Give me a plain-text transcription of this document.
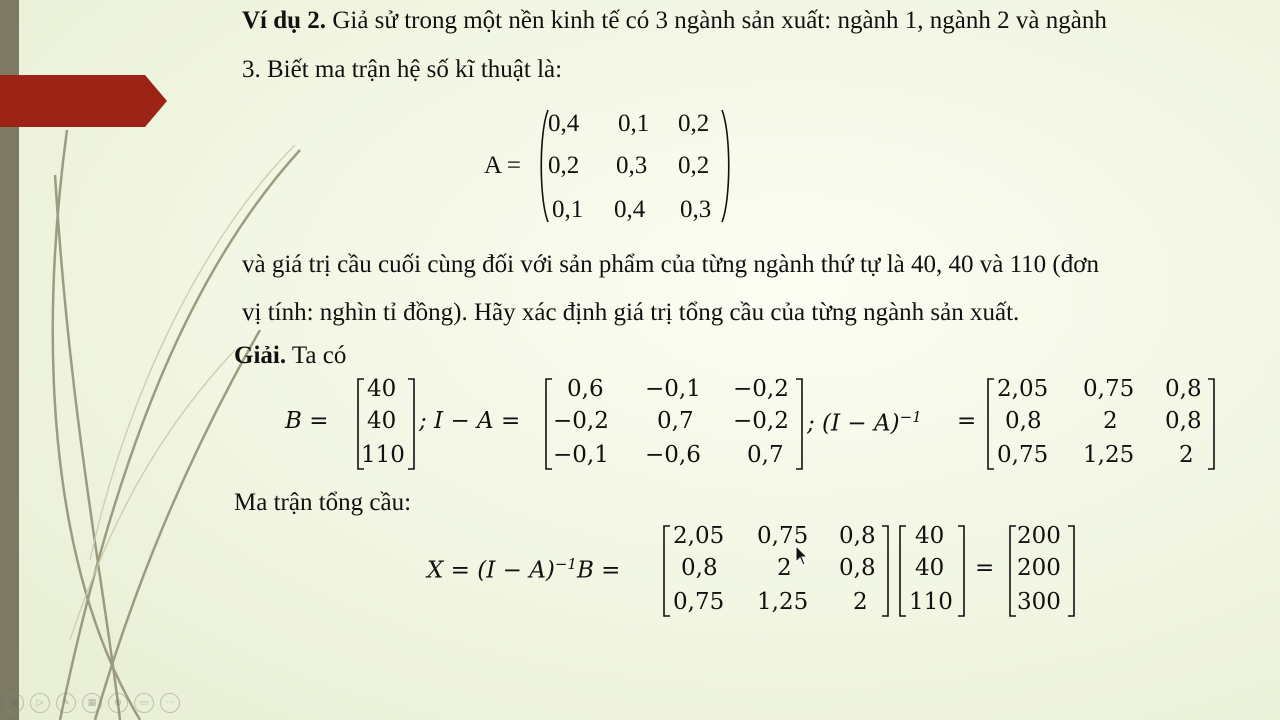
Ví dụ 2. Giả sử trong một nền kinh tế có 3 ngành sản xuất: ngành 1, ngành 2 và ngành
3. Biết ma trận hệ số kĩ thuật là:
A =
0,4 0,1 0,2
0,2 0,3 0,2
0,1 0,4 0,3
và giá trị cầu cuối cùng đối với sản phẩm của từng ngành thứ tự là 40, 40 và 110 (đơn
vị tính: nghìn tỉ đồng). Hãy xác định giá trị tổng cầu của từng ngành sản xuất.
Giải. Ta có
B =
40
40
110
; I − A =
0,6 −0,1 −0,2
−0,2 0,7 −0,2
−0,1 −0,6 0,7
; $(I - A)^{-1}$ =
2,05 0,75 0,8
0,8	2 0,8
0,75 1,25 2
Ma trận tổng cầu:
$X = (I - A)^{-1}B$ =
2,05 0,75 0,8
0,8	2 0,8
0,75 1,25 2
40
40
110
=
200
200
300
◀	▷	✎	▦	⊕	▭	⋯
